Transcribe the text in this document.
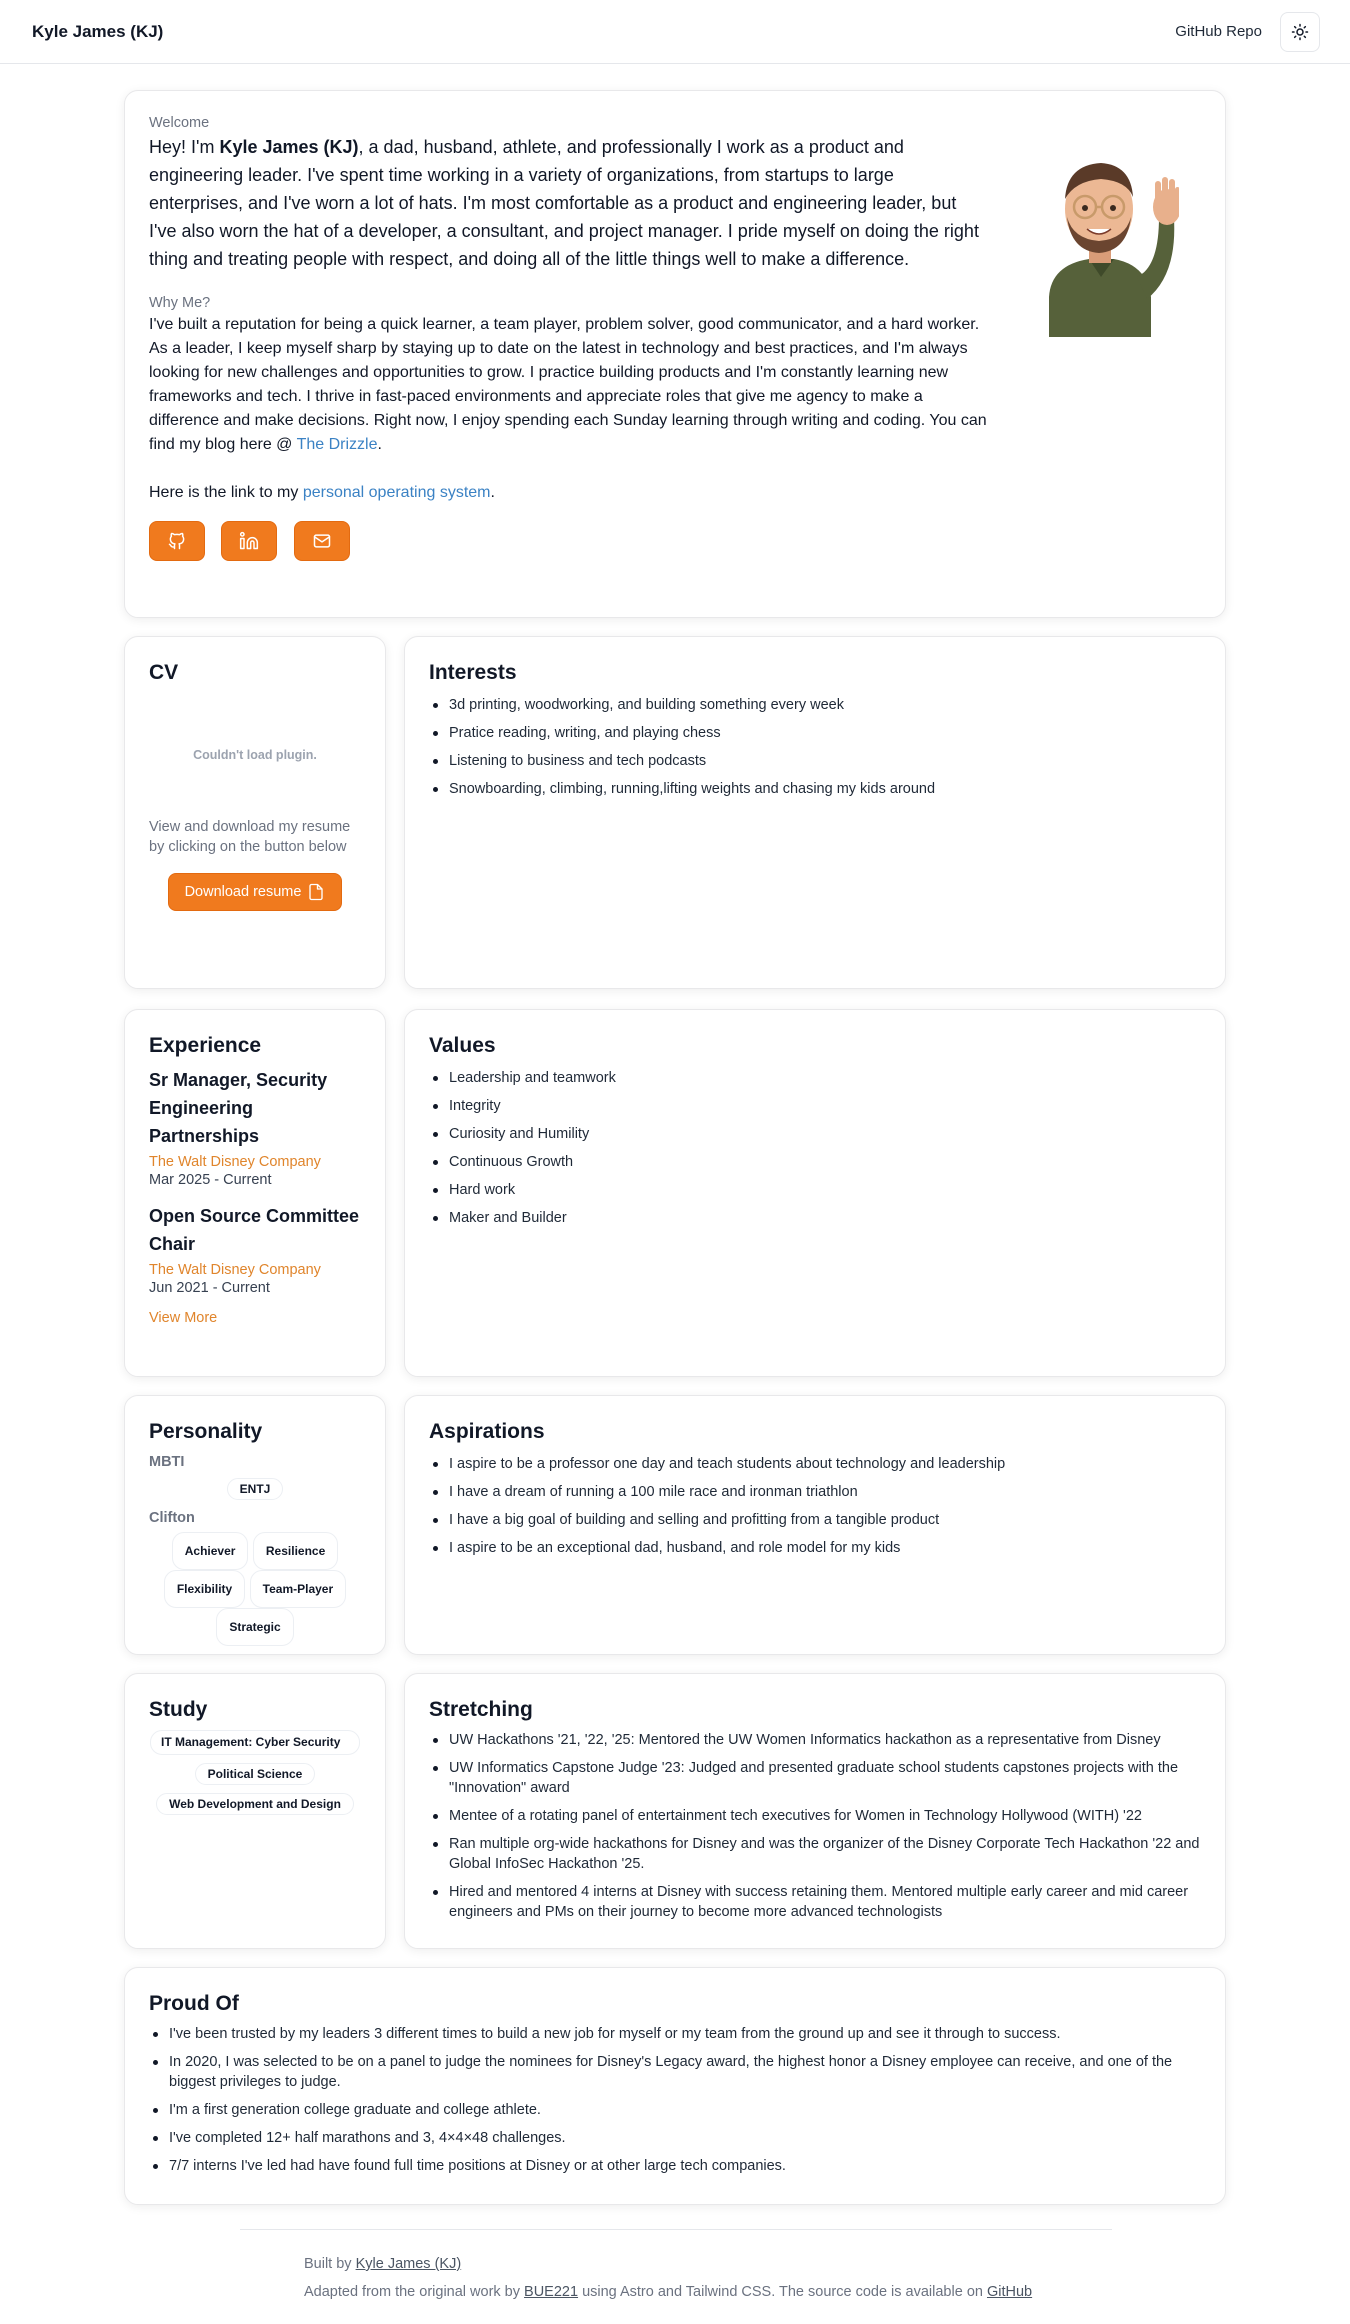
Kyle James (KJ)	GitHub Repo
Welcome

Hey! I'm Kyle James (KJ), a dad, husband, athlete, and professionally I work as a product and engineering leader. I've spent time working in a variety of organizations, from startups to large enterprises, and I've worn a lot of hats. I'm most comfortable as a product and engineering leader, but I've also worn the hat of a developer, a consultant, and project manager. I pride myself on doing the right thing and treating people with respect, and doing all of the little things well to make a difference.

Why Me?

I've built a reputation for being a quick learner, a team player, problem solver, good communicator, and a hard worker. As a leader, I keep myself sharp by staying up to date on the latest in technology and best practices, and I'm always looking for new challenges and opportunities to grow. I practice building products and I'm constantly learning new frameworks and tech. I thrive in fast-paced environments and appreciate roles that give me agency to make a difference and make decisions. Right now, I enjoy spending each Sunday learning through writing and coding. You can find my blog here @ The Drizzle.

Here is the link to my personal operating system.

CV
Couldn't load plugin.
View and download my resume by clicking on the button below
Download resume
Interests
3d printing, woodworking, and building something every week
Pratice reading, writing, and playing chess
Listening to business and tech podcasts
Snowboarding, climbing, running,lifting weights and chasing my kids around
Experience
Sr Manager, Security Engineering Partnerships
The Walt Disney Company
Mar 2025 - Current
Open Source Committee Chair
The Walt Disney Company
Jun 2021 - Current
View More
Values
Leadership and teamwork
Integrity
Curiosity and Humility
Continuous Growth
Hard work
Maker and Builder
Personality
MBTI
ENTJ
Clifton
Achiever	Resilience Flexibility	Team-Player Strategic
Aspirations
I aspire to be a professor one day and teach students about technology and leadership
I have a dream of running a 100 mile race and ironman triathlon
I have a big goal of building and selling and profitting from a tangible product
I aspire to be an exceptional dad, husband, and role model for my kids
Study
IT Management: Cyber Security
Political Science
Web Development and Design
Stretching
UW Hackathons '21, '22, '25: Mentored the UW Women Informatics hackathon as a representative from Disney
UW Informatics Capstone Judge '23: Judged and presented graduate school students capstones projects with the "Innovation" award
Mentee of a rotating panel of entertainment tech executives for Women in Technology Hollywood (WITH) '22
Ran multiple org-wide hackathons for Disney and was the organizer of the Disney Corporate Tech Hackathon '22 and Global InfoSec Hackathon '25.
Hired and mentored 4 interns at Disney with success retaining them. Mentored multiple early career and mid career engineers and PMs on their journey to become more advanced technologists
Proud Of
I've been trusted by my leaders 3 different times to build a new job for myself or my team from the ground up and see it through to success.
In 2020, I was selected to be on a panel to judge the nominees for Disney's Legacy award, the highest honor a Disney employee can receive, and one of the biggest privileges to judge.
I'm a first generation college graduate and college athlete.
I've completed 12+ half marathons and 3, 4×4×48 challenges.
7/7 interns I've led had have found full time positions at Disney or at other large tech companies.
Built by Kyle James (KJ)
Adapted from the original work by BUE221 using Astro and Tailwind CSS. The source code is available on GitHub
